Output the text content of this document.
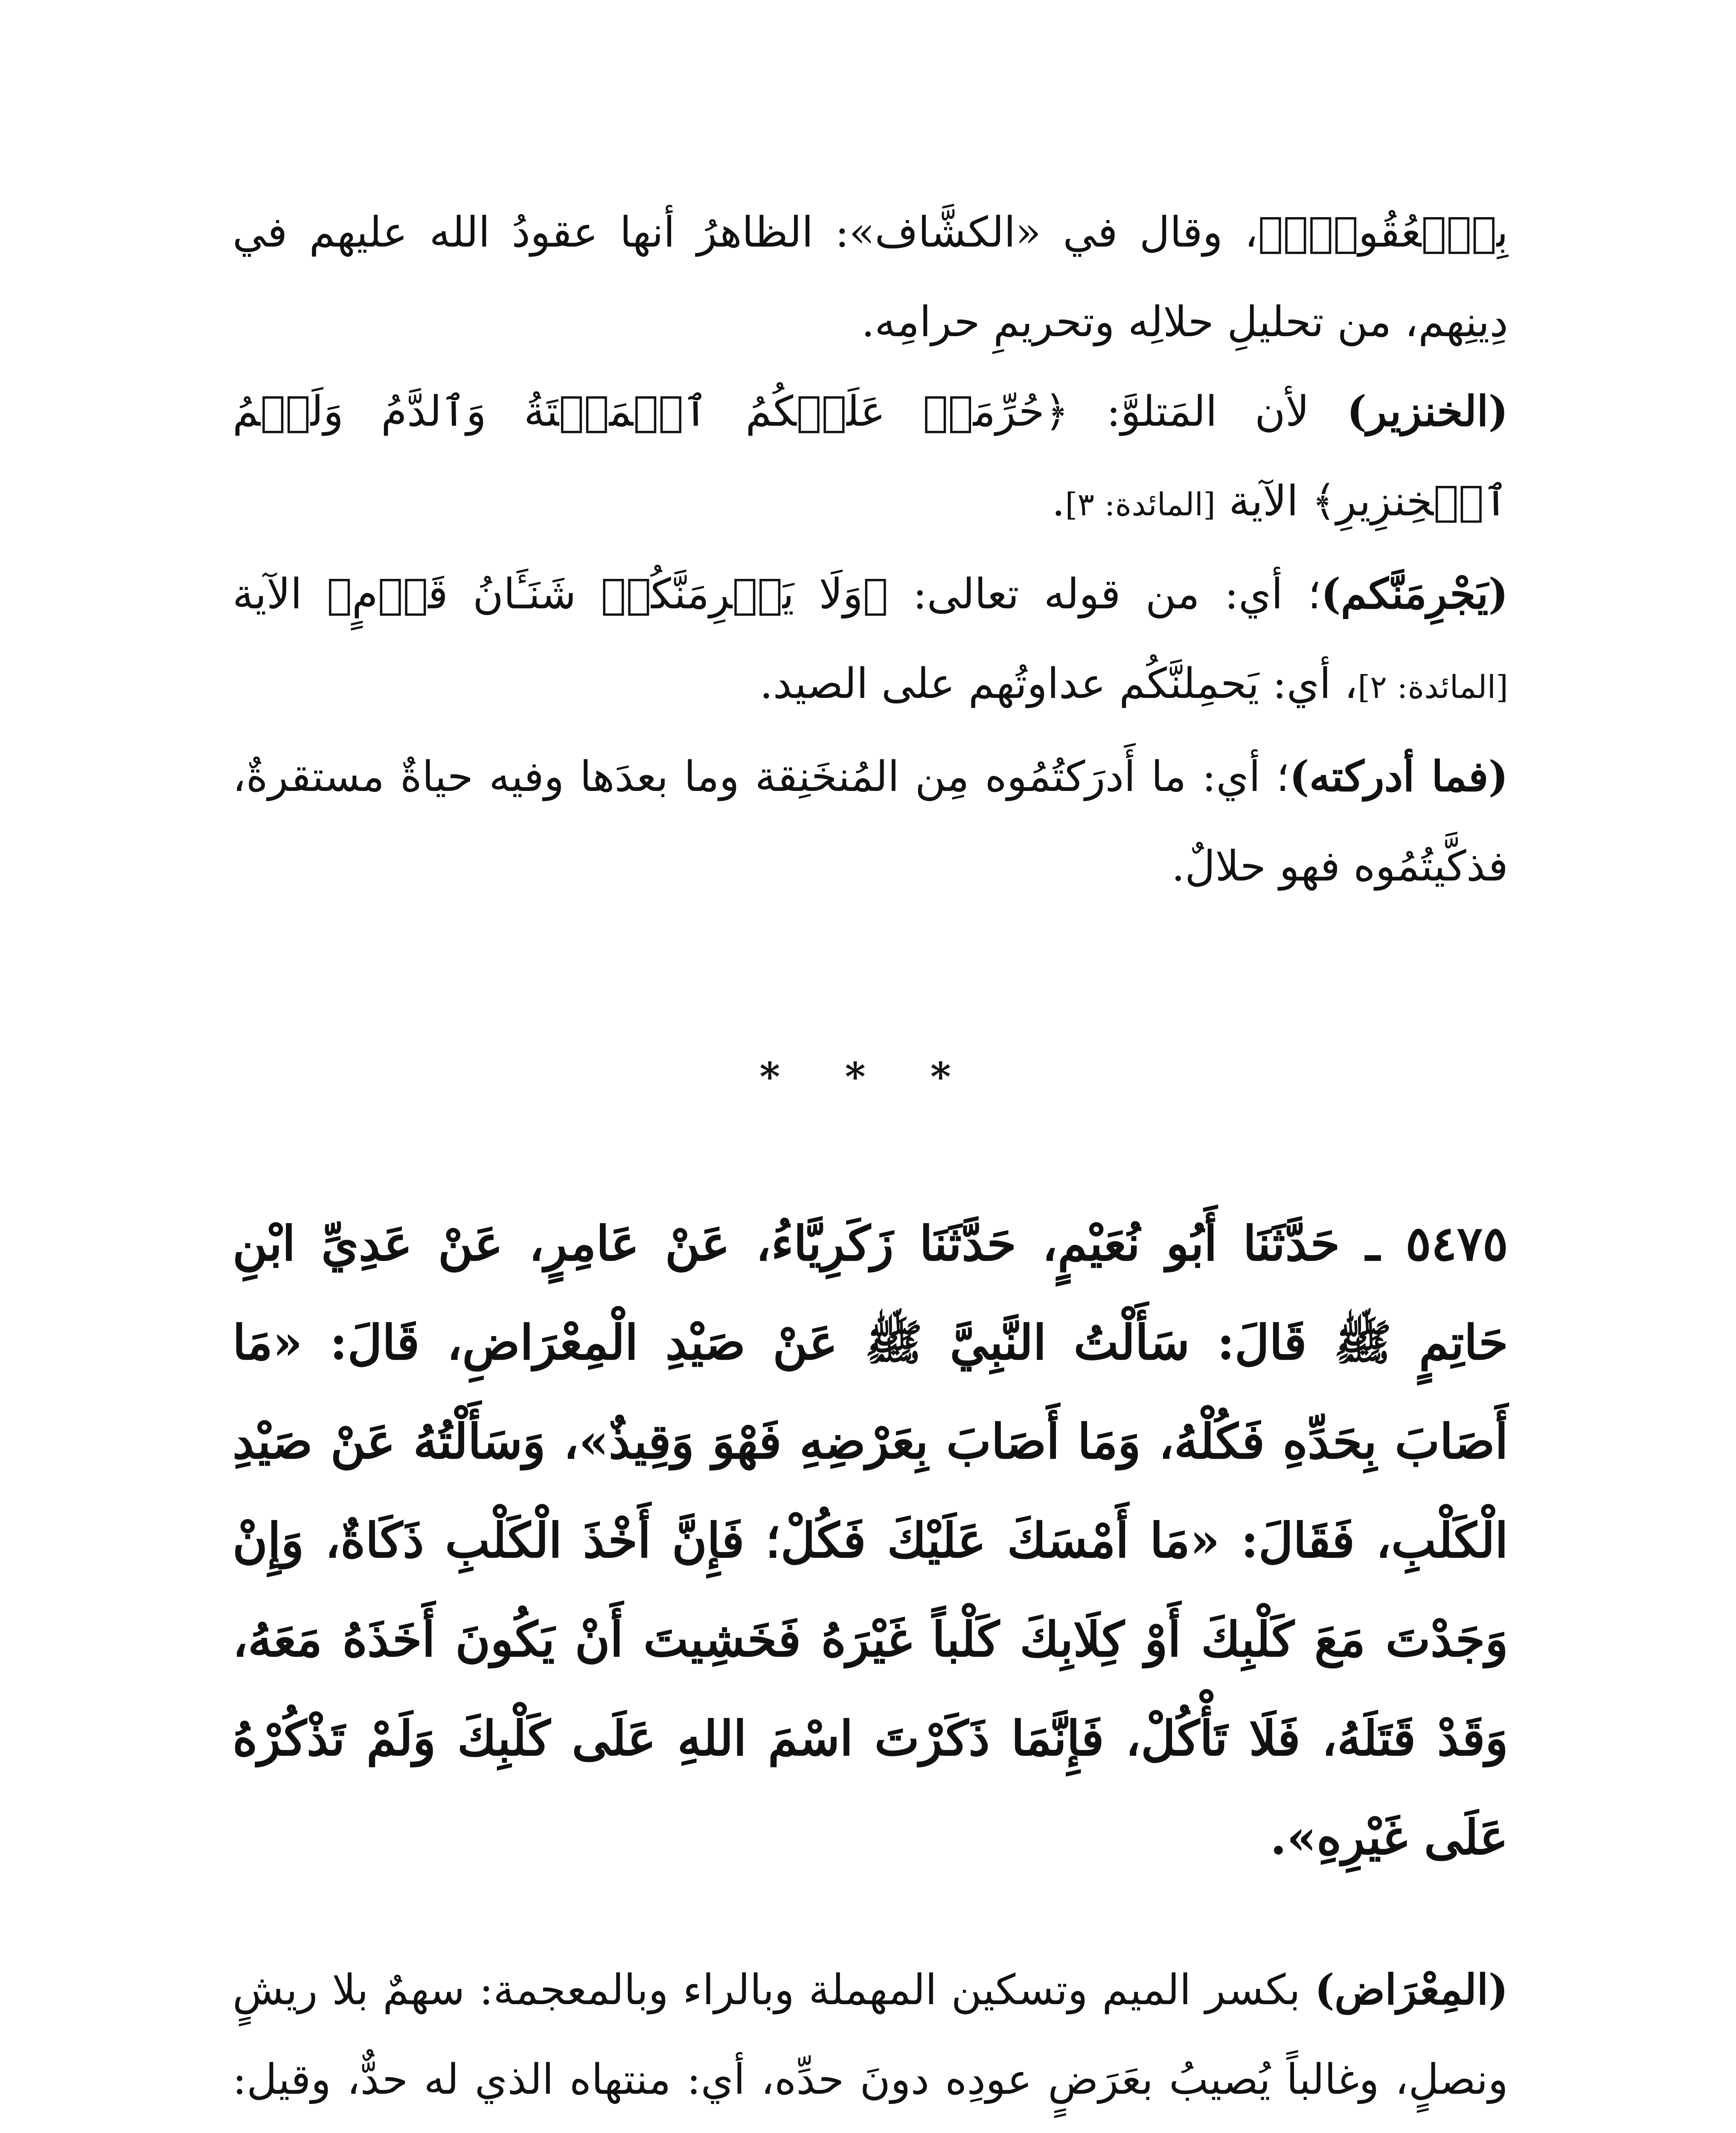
بِٱلۡعُقُودِۚ﴾، وقال في «الكشَّاف»: الظاهرُ أنها عقودُ الله عليهم في دِينِهم، من تحليلِ حلالِه وتحريمِ حرامِه.

(الخنزير) لأن المَتلوَّ: ﴿حُرِّمَتۡ عَلَيۡكُمُ ٱلۡمَيۡتَةُ وَٱلدَّمُ وَلَحۡمُ ٱلۡخِنزِيرِ﴾ الآية [المائدة: ٣].

(يَجْرِمَنَّكم)؛ أي: من قوله تعالى: ﴿وَلَا يَجۡرِمَنَّكُمۡ شَنَـَٔانُ قَوۡمٍ﴾ الآية [المائدة: ٢]، أي: يَحمِلنَّكُم عداوتُهم على الصيد.

(فما أدركته)؛ أي: ما أَدرَكتُمُوه مِن المُنخَنِقة وما بعدَها وفيه حياةٌ مستقرةٌ، فذكَّيتُمُوه فهو حلالٌ.

* * *

٥٤٧٥ ـ حَدَّثَنَا أَبُو نُعَيْمٍ، حَدَّثَنَا زَكَرِيَّاءُ، عَنْ عَامِرٍ، عَنْ عَدِيِّ ابْنِ حَاتِمٍ ﷺ قَالَ: سَأَلْتُ النَّبِيَّ ﷺ عَنْ صَيْدِ الْمِعْرَاضِ، قَالَ: «مَا أَصَابَ بِحَدِّهِ فَكُلْهُ، وَمَا أَصَابَ بِعَرْضِهِ فَهْوَ وَقِيذٌ»، وَسَأَلْتُهُ عَنْ صَيْدِ الْكَلْبِ، فَقَالَ: «مَا أَمْسَكَ عَلَيْكَ فَكُلْ؛ فَإِنَّ أَخْذَ الْكَلْبِ ذَكَاةٌ، وَإِنْ وَجَدْتَ مَعَ كَلْبِكَ أَوْ كِلَابِكَ كَلْباً غَيْرَهُ فَخَشِيتَ أَنْ يَكُونَ أَخَذَهُ مَعَهُ، وَقَدْ قَتَلَهُ، فَلَا تَأْكُلْ، فَإِنَّمَا ذَكَرْتَ اسْمَ اللهِ عَلَى كَلْبِكَ وَلَمْ تَذْكُرْهُ عَلَى غَيْرِهِ».

(المِعْرَاض) بكسر الميم وتسكين المهملة وبالراء وبالمعجمة: سهمٌ بلا ريشٍ ونصلٍ، وغالباً يُصيبُ بعَرَضٍ عودِه دونَ حدِّه، أي: منتهاه الذي له حدٌّ، وقيل:
